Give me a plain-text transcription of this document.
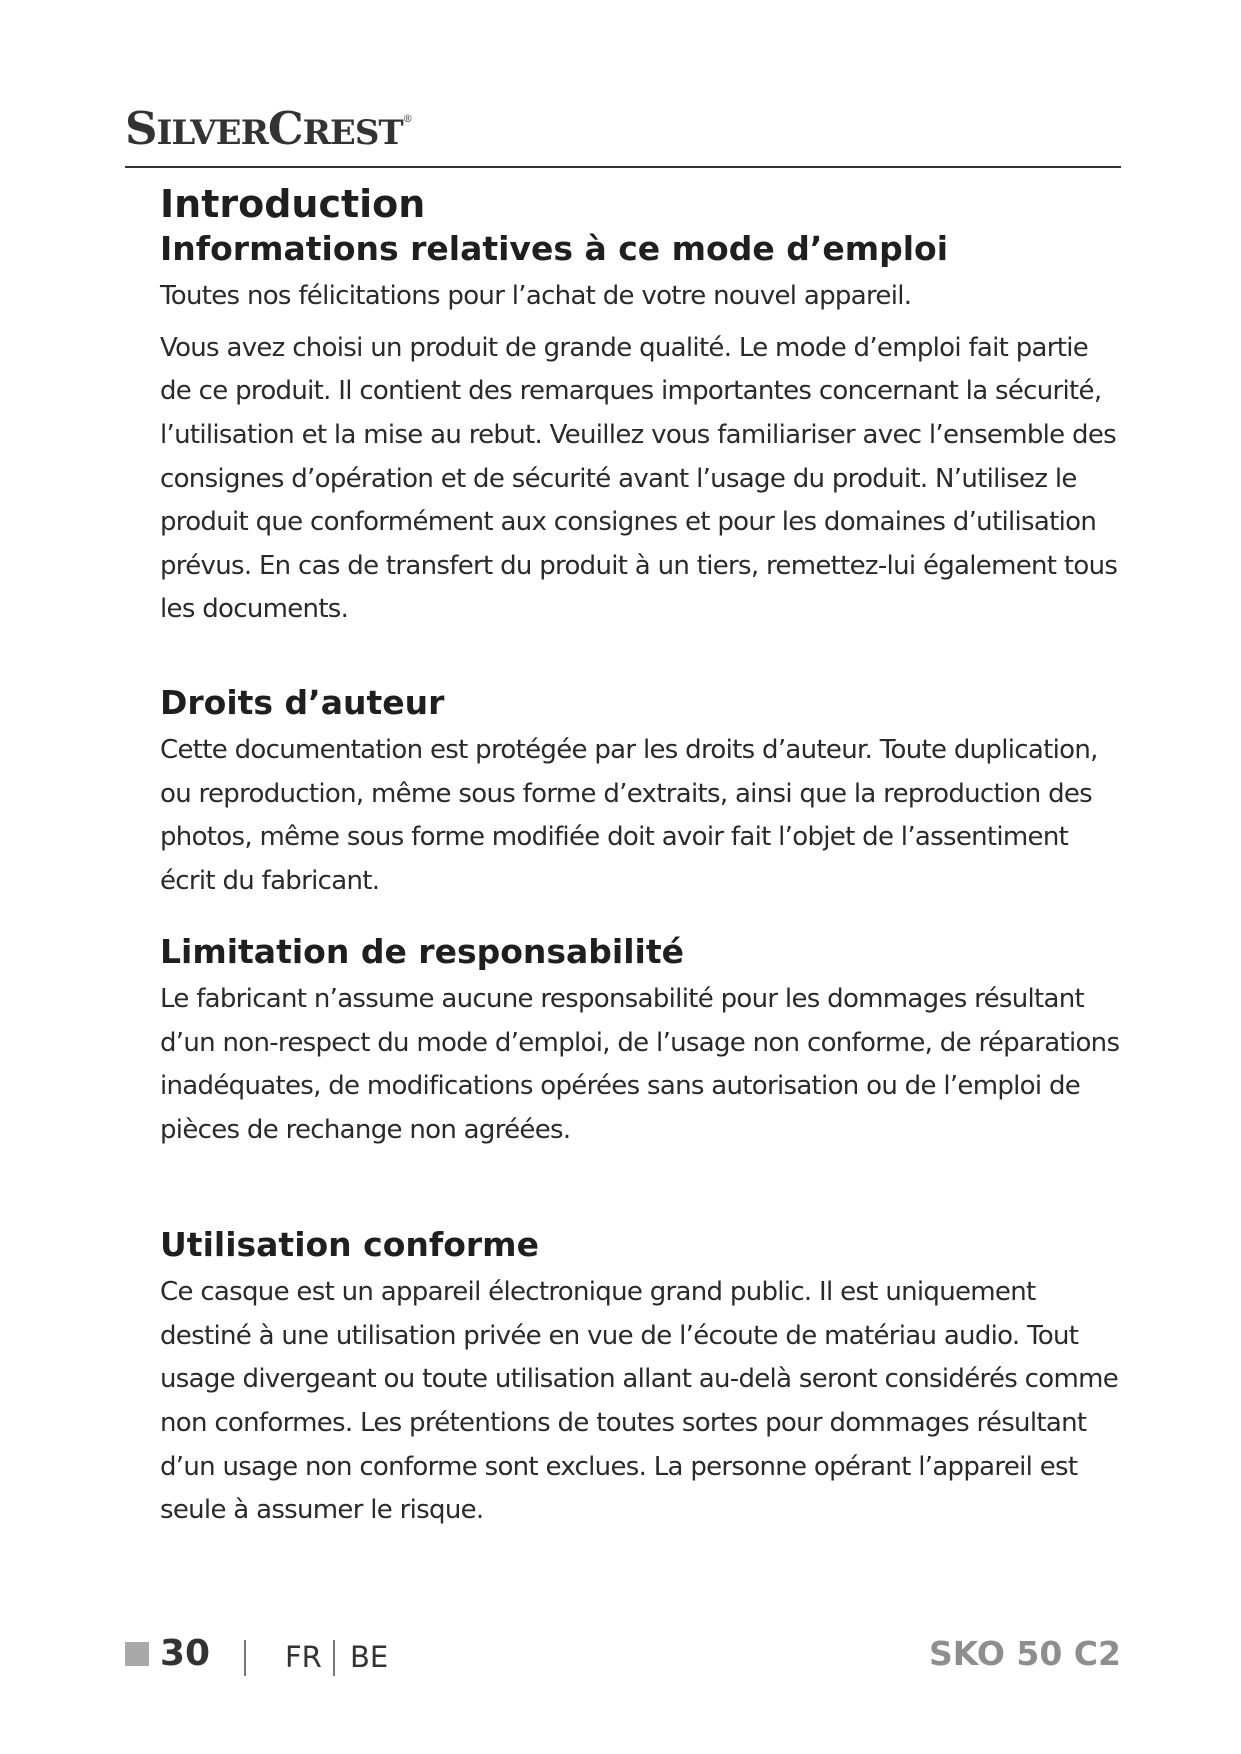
SILVERCREST®
Introduction
Informations relatives à ce mode d’emploi

Toutes nos félicitations pour l’achat de votre nouvel appareil.

Vous avez choisi un produit de grande qualité. Le mode d’emploi fait partie de ce produit. Il contient des remarques importantes concernant la sécurité, l’utilisation et la mise au rebut. Veuillez vous familiariser avec l’ensemble des consignes d’opération et de sécurité avant l’usage du produit. N’utilisez le produit que conformément aux consignes et pour les domaines d’utilisation prévus. En cas de transfert du produit à un tiers, remettez-lui également tous les documents.

Droits d’auteur

Cette documentation est protégée par les droits d’auteur. Toute duplication, ou reproduction, même sous forme d’extraits, ainsi que la reproduction des photos, même sous forme modifiée doit avoir fait l’objet de l’assentiment écrit du fabricant.

Limitation de responsabilité

Le fabricant n’assume aucune responsabilité pour les dommages résultant d’un non-respect du mode d’emploi, de l’usage non conforme, de réparations inadéquates, de modifications opérées sans autorisation ou de l’emploi de pièces de rechange non agréées.

Utilisation conforme

Ce casque est un appareil électronique grand public. Il est uniquement destiné à une utilisation privée en vue de l’écoute de matériau audio. Tout usage divergeant ou toute utilisation allant au-delà seront considérés comme non conformes. Les prétentions de toutes sortes pour dommages résultant d’un usage non conforme sont exclues. La personne opérant l’appareil est seule à assumer le risque.

30	FR BE	SKO 50 C2
